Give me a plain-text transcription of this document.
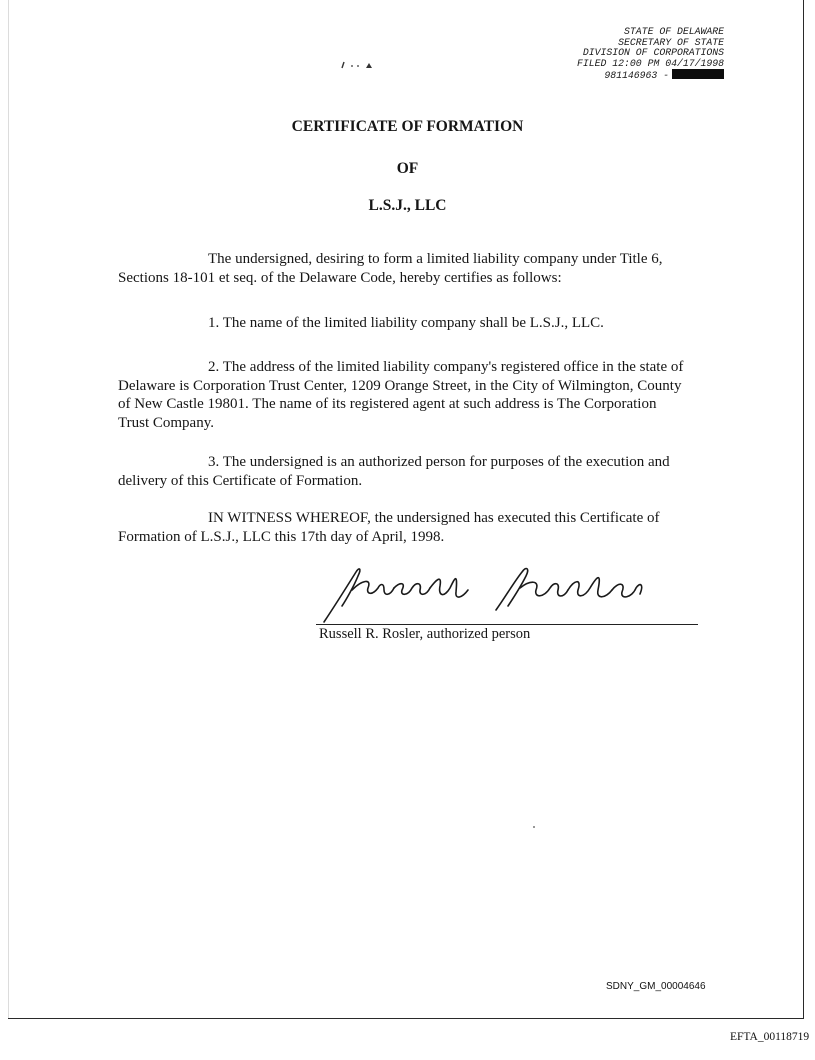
STATE OF DELAWARE
SECRETARY OF STATE
DIVISION OF CORPORATIONS
FILED 12:00 PM 04/17/1998
981146963 -
CERTIFICATE OF FORMATION
OF
L.S.J., LLC

The undersigned, desiring to form a limited liability company under Title 6, Sections 18-101 et seq. of the Delaware Code, hereby certifies as follows:

1. The name of the limited liability company shall be L.S.J., LLC.

2. The address of the limited liability company's registered office in the state of Delaware is Corporation Trust Center, 1209 Orange Street, in the City of Wilmington, County of New Castle 19801. The name of its registered agent at such address is The Corporation Trust Company.

3. The undersigned is an authorized person for purposes of the execution and delivery of this Certificate of Formation.

IN WITNESS WHEREOF, the undersigned has executed this Certificate of Formation of L.S.J., LLC this 17th day of April, 1998.

Russell R. Rosler, authorized person
SDNY_GM_00004646
EFTA_00118719
